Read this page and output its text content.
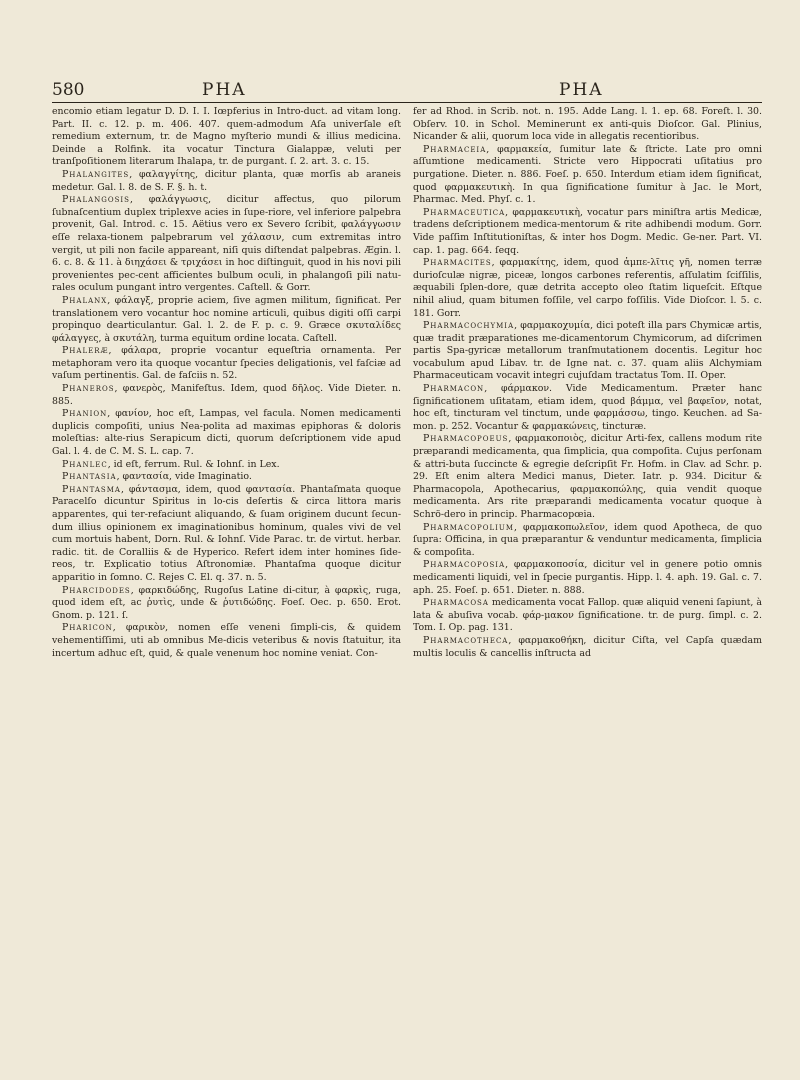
580	PHA	PHA

encomio etiam legatur D. D. I. I. Iœpferius in Intro-duct. ad vitam long. Part. II. c. 12. p. m. 406. 407. quem-admodum Aſa univerſale eſt remedium externum, tr. de Magno myſterio mundi & illius medicina. Deinde a Rolfink. ita vocatur Tinctura Gialappæ, veluti per tranſpoſitionem literarum Ihalapa, tr. de purgant. ſ. 2. art. 3. c. 15.

Phalangites, φαλαγγίτης, dicitur planta, quæ morſis ab araneis medetur. Gal. l. 8. de S. F. §. h. t.

Phalangosis, φαλάγγωσις, dicitur affectus, quo pilorum ſubnaſcentium duplex triplexve acies in ſupe-riore, vel inferiore palpebra provenit, Gal. Introd. c. 15. Aëtius vero ex Severo ſcribit, φαλάγγωσιν eſſe relaxa-tionem palpebrarum vel χάλασιν, cum extremitas intro vergit, ut pili non facile appareant, niſi quis diſtendat palpebras. Ægin. l. 6. c. 8. & 11. à διηχάσει & τριχάσει in hoc diſtinguit, quod in his novi pili provenientes pec-cent afficientes bulbum oculi, in phalangoſi pili natu-rales oculum pungant intro vergentes. Caſtell. & Gorr.

Phalanx, φάλαγξ, proprie aciem, ſive agmen militum, ſignificat. Per translationem vero vocantur hoc nomine articuli, quibus digiti oſſi carpi propinquo dearticulantur. Gal. l. 2. de F. p. c. 9. Græce σκυταλίδες φάλαγγες, à σκυτάλη, turma equitum ordine locata. Caſtell.

Phaleræ, φάλαρα, proprie vocantur equeſtria ornamenta. Per metaphoram vero ita quoque vocantur ſpecies deligationis, vel faſciæ ad vaſum pertinentis. Gal. de faſciis n. 52.

Phaneros, φανερὸς, Manifeſtus. Idem, quod δῆλος. Vide Dieter. n. 885.

Phanion, φανίον, hoc eſt, Lampas, vel facula. Nomen medicamenti duplicis compoſiti, unius Nea-polita ad maximas epiphoras & doloris moleſtias: alte-rius Serapicum dicti, quorum deſcriptionem vide apud Gal. l. 4. de C. M. S. L. cap. 7.

Phanlec, id eſt, ferrum. Rul. & Iohnſ. in Lex.

Phantasia, φαντασία, vide Imaginatio.

Phantasma, φάντασμα, idem, quod φαντασία. Phantaſmata quoque Paracelſo dicuntur Spiritus in lo-cis deſertis & circa littora maris apparentes, qui ter-refaciunt aliquando, & ſuam originem ducunt ſecun-dum illius opinionem ex imaginationibus hominum, quales vivi de vel cum mortuis habent, Dorn. Rul. & Iohnſ. Vide Parac. tr. de virtut. herbar. radic. tit. de Coralliis & de Hyperico. Refert idem inter homines ſide-reos, tr. Explicatio totius Aſtronomiæ. Phantaſma quoque dicitur apparitio in ſomno. C. Rejes C. El. q. 37. n. 5.

Pharcidodes, φαρκιδώδης, Rugoſus Latine di-citur, à φαρκὶς, ruga, quod idem eſt, ac ῥυτὶς, unde & ῥυτιδώδης. Foeſ. Oec. p. 650. Erot. Gnom. p. 121. ſ.

Pharicon, φαρικὸν, nomen eſſe veneni ſimpli-cis, & quidem vehementiſſimi, uti ab omnibus Me-dicis veteribus & novis ſtatuitur, ita incertum adhuc eſt, quid, & quale venenum hoc nomine veniat. Con-

fer ad Rhod. in Scrib. not. n. 195. Adde Lang. l. 1. ep. 68. Foreſt. l. 30. Obſerv. 10. in Schol. Meminerunt ex anti-quis Dioſcor. Gal. Plinius, Nicander & alii, quorum loca vide in allegatis recentioribus.

Pharmaceia, φαρμακεία, ſumitur late & ſtricte. Late pro omni aſſumtione medicamenti. Stricte vero Hippocrati uſitatius pro purgatione. Dieter. n. 886. Foeſ. p. 650. Interdum etiam idem ſignificat, quod φαρμακευτικὴ. In qua ſignificatione ſumitur à Jac. le Mort, Pharmac. Med. Phyſ. c. 1.

Pharmaceutica, φαρμακευτικὴ, vocatur pars miniſtra artis Medicæ, tradens deſcriptionem medica-mentorum & rite adhibendi modum. Gorr. Vide paſſim Inſtitutioniſtas, & inter hos Dogm. Medic. Ge-ner. Part. VI. cap. 1. pag. 664. ſeqq.

Pharmacites, φαρμακίτης, idem, quod ἀμπε-λῖτις γῆ, nomen terræ durioſculæ nigræ, piceæ, longos carbones referentis, aſſulatim ſciſſilis, æquabili ſplen-dore, quæ detrita accepto oleo ſtatim liqueſcit. Eſtque nihil aliud, quam bitumen foſſile, vel carpo foſſilis. Vide Dioſcor. l. 5. c. 181. Gorr.

Pharmacochymia, φαρμακοχυμία, dici poteſt illa pars Chymicæ artis, quæ tradit præparationes me-dicamentorum Chymicorum, ad diſcrimen partis Spa-gyricæ metallorum tranſmutationem docentis. Legitur hoc vocabulum apud Libav. tr. de Igne nat. c. 37. quam aliis Alchymiam Pharmaceuticam vocavit integri cujuſdam tractatus Tom. II. Oper.

Pharmacon, φάρμακον. Vide Medicamentum. Præter hanc ſignificationem uſitatam, etiam idem, quod βάμμα, vel βαφεῖον, notat, hoc eſt, tincturam vel tinctum, unde φαρμάσσω, tingo. Keuchen. ad Sa-mon. p. 252. Vocantur & φαρμακώνεις, tincturæ.

Pharmacopoeus, φαρμακοποιὸς, dicitur Arti-fex, callens modum rite præparandi medicamenta, qua ſimplicia, qua compoſita. Cujus perſonam & attri-buta ſuccincte & egregie deſcripſit Fr. Hofm. in Clav. ad Schr. p. 29. Eſt enim altera Medici manus, Dieter. Iatr. p. 934. Dicitur & Pharmacopola, Apothecarius, φαρμακοπώλης, quia vendit quoque medicamenta. Ars rite præparandi medicamenta vocatur quoque à Schrö-dero in princip. Pharmacopœia.

Pharmacopolium, φαρμακοπωλεῖον, idem quod Apotheca, de quo ſupra: Officina, in qua præparantur & venduntur medicamenta, ſimplicia & compoſita.

Pharmacoposia, φαρμακοποσία, dicitur vel in genere potio omnis medicamenti liquidi, vel in ſpecie purgantis. Hipp. l. 4. aph. 19. Gal. c. 7. aph. 25. Foeſ. p. 651. Dieter. n. 888.

Pharmacosa medicamenta vocat Fallop. quæ aliquid veneni ſapiunt, à lata & abuſiva vocab. φάρ-μακον ſignificatione. tr. de purg. ſimpl. c. 2. Tom. I. Op. pag. 131.

Pharmacotheca, φαρμακοθήκη, dicitur Ciſta, vel Capſa quædam multis loculis & cancellis inſtructa ad
